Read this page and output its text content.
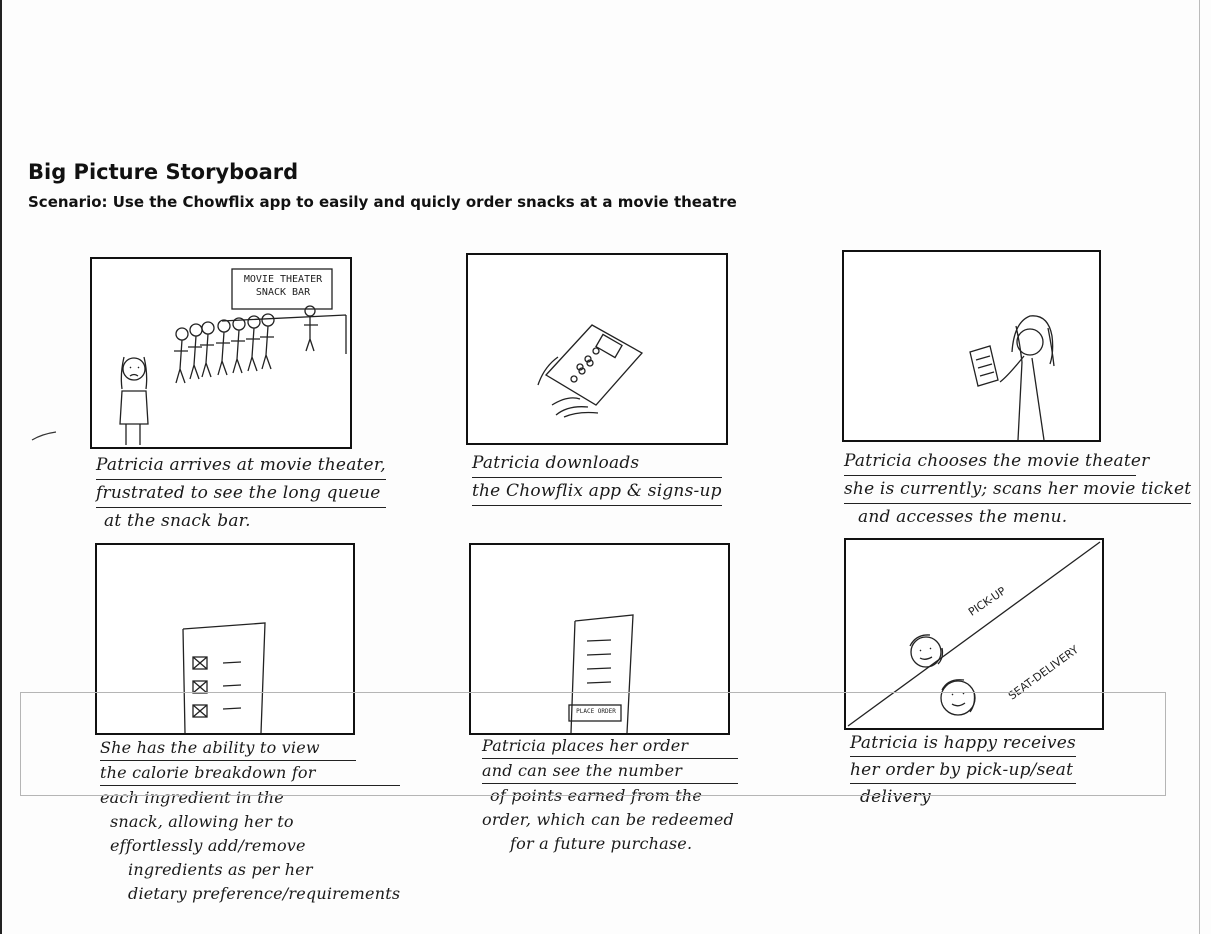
Big Picture Storyboard
Scenario: Use the Chowflix app to easily and quicly order snacks at a movie theatre
MOVIE THEATER
SNACK BAR
Patricia arrives at movie theater,
frustrated to see the long queue
at the snack bar.
Patricia downloads
the Chowflix app & signs-up
Patricia chooses the movie theater
she is currently; scans her movie ticket
and accesses the menu.
She has the ability to view
the calorie breakdown for
each ingredient in the
snack, allowing her to
effortlessly add/remove
ingredients as per her
dietary preference/requirements
PLACE ORDER
Patricia places her order
and can see the number
of points earned from the
order, which can be redeemed
for a future purchase.
PICK-UP
SEAT-DELIVERY
Patricia is happy receives
her order by pick-up/seat
delivery
